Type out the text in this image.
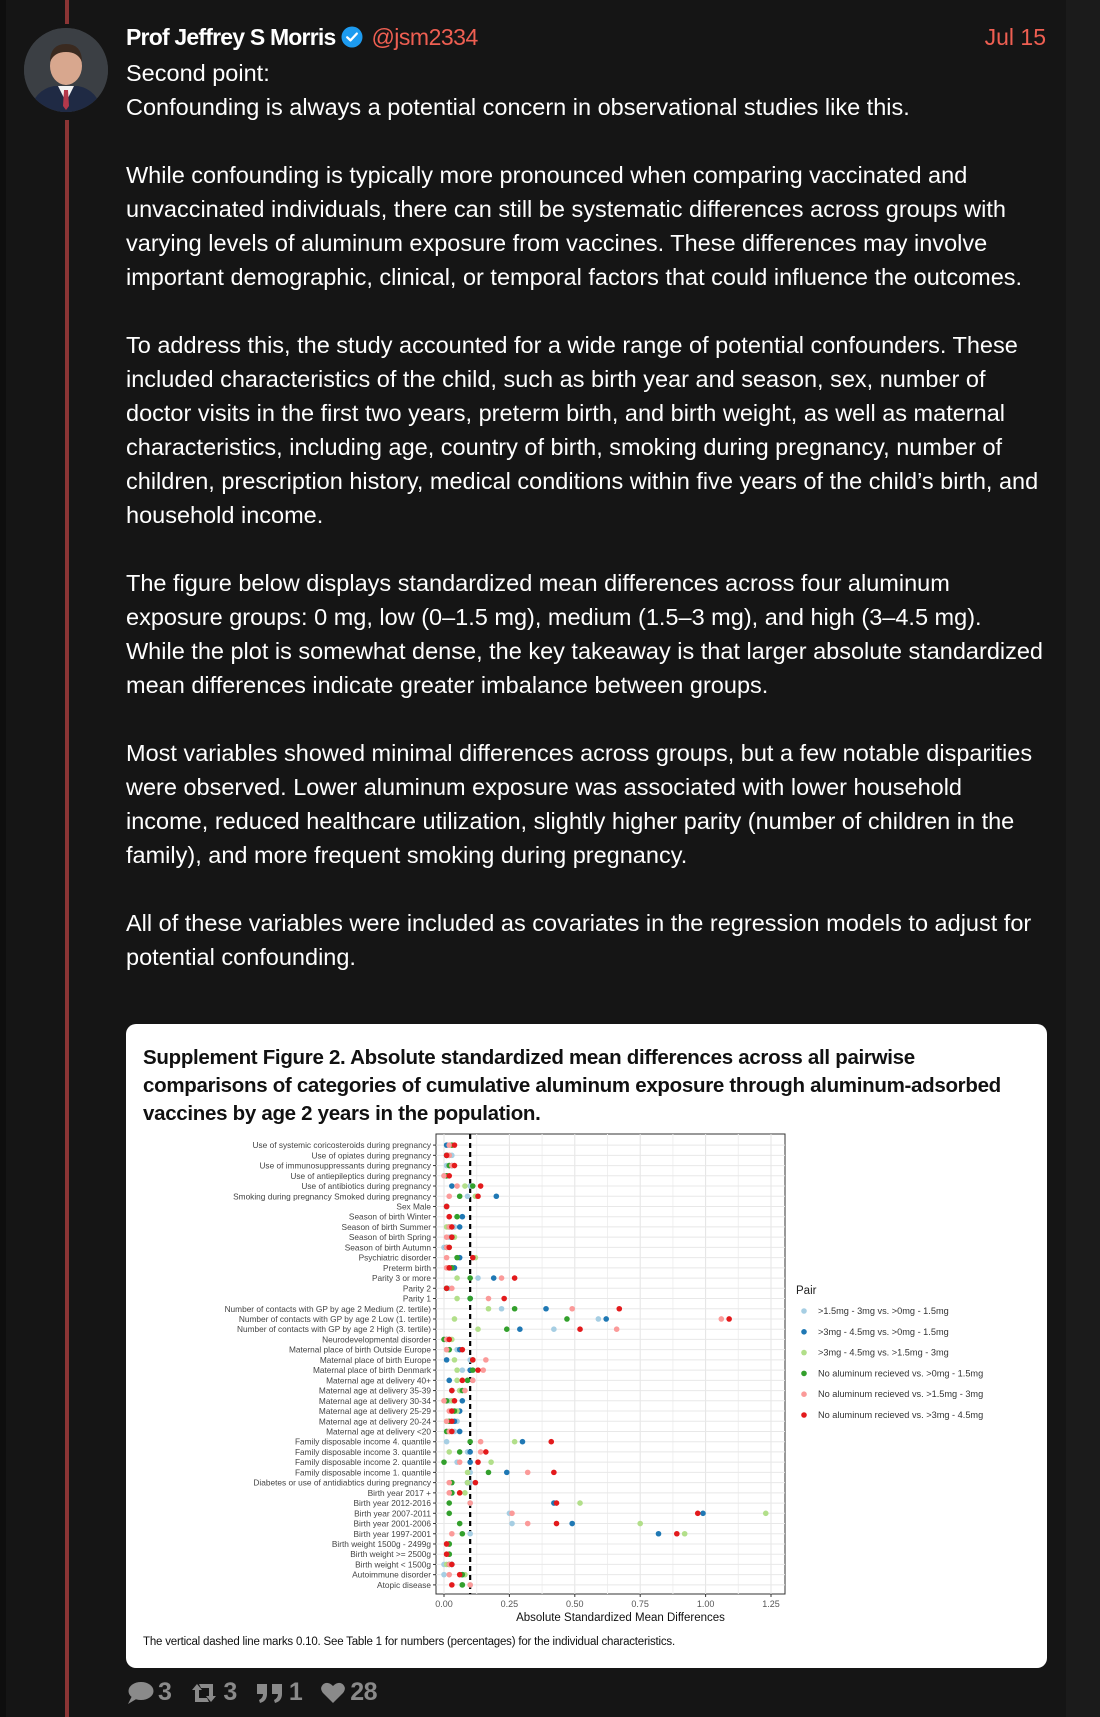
Prof Jeffrey S Morris @jsm2334	Jul 15

Second point:

Confounding is always a potential concern in observational studies like this.

While confounding is typically more pronounced when comparing vaccinated and unvaccinated individuals, there can still be systematic differences across groups with varying levels of aluminum exposure from vaccines. These differences may involve important demographic, clinical, or temporal factors that could influence the outcomes.

To address this, the study accounted for a wide range of potential confounders. These included characteristics of the child, such as birth year and season, sex, number of doctor visits in the first two years, preterm birth, and birth weight, as well as maternal characteristics, including age, country of birth, smoking during pregnancy, number of children, prescription history, medical conditions within five years of the child’s birth, and household income.

The figure below displays standardized mean differences across four aluminum exposure groups: 0 mg, low (0–1.5 mg), medium (1.5–3 mg), and high (3–4.5 mg). While the plot is somewhat dense, the key takeaway is that larger absolute standardized mean differences indicate greater imbalance between groups.

Most variables showed minimal differences across groups, but a few notable disparities were observed. Lower aluminum exposure was associated with lower household income, reduced healthcare utilization, slightly higher parity (number of children in the family), and more frequent smoking during pregnancy.

All of these variables were included as covariates in the regression models to adjust for potential confounding.

Supplement Figure 2. Absolute standardized mean differences across all pairwise comparisons of categories of cumulative aluminum exposure through aluminum-adsorbed vaccines by age 2 years in the population.
Use of systemic coricosteroids during pregnancy
Use of opiates during pregnancy
Use of immunosuppressants during pregnancy
Use of antiepileptics during pregnancy
Use of antibiotics during pregnancy
Smoking during pregnancy Smoked during pregnancy
Sex Male
Season of birth Winter
Season of birth Summer
Season of birth Spring
Season of birth Autumn
Psychiatric disorder
Preterm birth
Parity 3 or more
Parity 2
Parity 1
Number of contacts with GP by age 2 Medium (2. tertile)
Number of contacts with GP by age 2 Low (1. tertile)
Number of contacts with GP by age 2 High (3. tertile)
Neurodevelopmental disorder
Maternal place of birth Outside Europe
Maternal place of birth Europe
Maternal place of birth Denmark
Maternal age at delivery 40+
Maternal age at delivery 35-39
Maternal age at delivery 30-34
Maternal age at delivery 25-29
Maternal age at delivery 20-24
Maternal age at delivery <20
Family disposable income 4. quantile
Family disposable income 3. quantile
Family disposable income 2. quantile
Family disposable income 1. quantile
Diabetes or use of antidiabtics during pregnancy
Birth year 2017 +
Birth year 2012-2016
Birth year 2007-2011
Birth year 2001-2006
Birth year 1997-2001
Birth weight 1500g - 2499g
Birth weight >= 2500g
Birth weight < 1500g
Autoimmune disorder
Atopic disease
0.00	0.25	0.50	0.75	1.00	1.25
Absolute Standardized Mean Differences
Pair
>1.5mg - 3mg vs. >0mg - 1.5mg
>3mg - 4.5mg vs. >0mg - 1.5mg
>3mg - 4.5mg vs. >1.5mg - 3mg
No aluminum recieved vs. >0mg - 1.5mg
No aluminum recieved vs. >1.5mg - 3mg
No aluminum recieved vs. >3mg - 4.5mg
The vertical dashed line marks 0.10. See Table 1 for numbers (percentages) for the individual characteristics.
3 3 1 28
